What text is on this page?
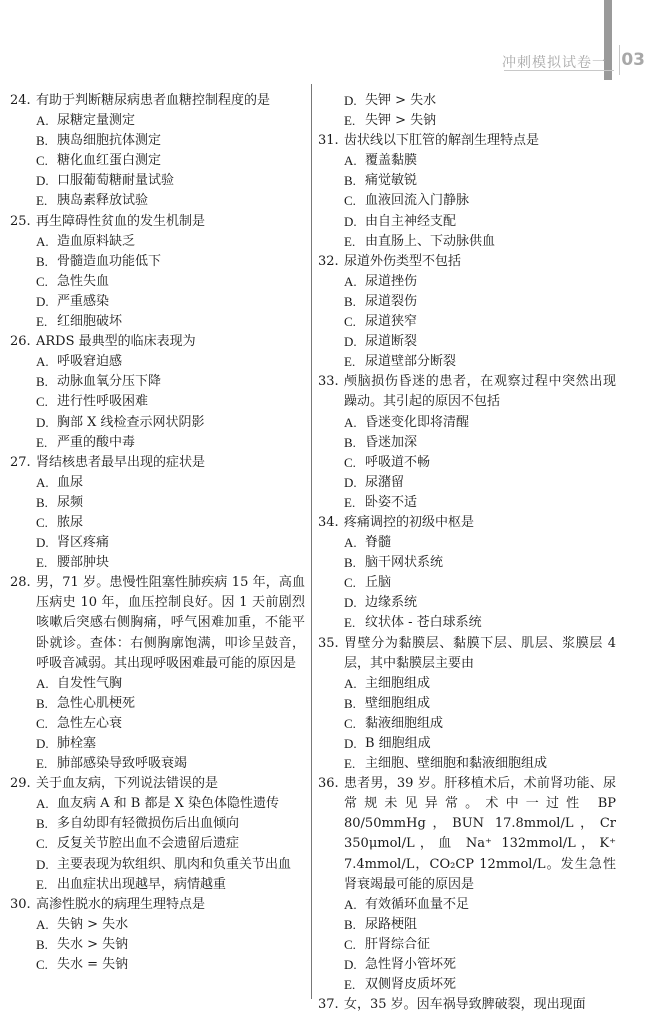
冲刺模拟试卷一 03
24. 有助于判断糖尿病患者血糖控制程度的是
A. 尿糖定量测定
B. 胰岛细胞抗体测定
C. 糖化血红蛋白测定
D. 口服葡萄糖耐量试验
E. 胰岛素释放试验
25. 再生障碍性贫血的发生机制是
A. 造血原料缺乏
B. 骨髓造血功能低下
C. 急性失血
D. 严重感染
E. 红细胞破坏
26. ARDS 最典型的临床表现为
A. 呼吸窘迫感
B. 动脉血氧分压下降
C. 进行性呼吸困难
D. 胸部 X 线检查示网状阴影
E. 严重的酸中毒
27. 肾结核患者最早出现的症状是
A. 血尿
B. 尿频
C. 脓尿
D. 肾区疼痛
E. 腰部肿块
28. 男，71 岁。患慢性阻塞性肺疾病 15 年，高血压病史 10 年，血压控制良好。因 1 天前剧烈咳嗽后突感右侧胸痛，呼气困难加重，不能平卧就诊。查体：右侧胸廓饱满，叩诊呈鼓音，呼吸音减弱。其出现呼吸困难最可能的原因是
A. 自发性气胸
B. 急性心肌梗死
C. 急性左心衰
D. 肺栓塞
E. 肺部感染导致呼吸衰竭
29. 关于血友病，下列说法错误的是
A. 血友病 A 和 B 都是 X 染色体隐性遗传
B. 多自幼即有轻微损伤后出血倾向
C. 反复关节腔出血不会遗留后遗症
D. 主要表现为软组织、肌肉和负重关节出血
E. 出血症状出现越早，病情越重
30. 高渗性脱水的病理生理特点是
A. 失钠 > 失水
B. 失水 > 失钠
C. 失水 = 失钠
D. 失钾 > 失水
E. 失钾 > 失钠
31. 齿状线以下肛管的解剖生理特点是
A. 覆盖黏膜
B. 痛觉敏锐
C. 血液回流入门静脉
D. 由自主神经支配
E. 由直肠上、下动脉供血
32. 尿道外伤类型不包括
A. 尿道挫伤
B. 尿道裂伤
C. 尿道狭窄
D. 尿道断裂
E. 尿道壁部分断裂
33. 颅脑损伤昏迷的患者，在观察过程中突然出现躁动。其引起的原因不包括
A. 昏迷变化即将清醒
B. 昏迷加深
C. 呼吸道不畅
D. 尿潴留
E. 卧姿不适
34. 疼痛调控的初级中枢是
A. 脊髓
B. 脑干网状系统
C. 丘脑
D. 边缘系统
E. 纹状体 - 苍白球系统
35. 胃壁分为黏膜层、黏膜下层、肌层、浆膜层 4 层，其中黏膜层主要由
A. 主细胞组成
B. 壁细胞组成
C. 黏液细胞组成
D. B 细胞组成
E. 主细胞、壁细胞和黏液细胞组成
36. 患者男，39 岁。肝移植术后，术前肾功能、尿常规未见异常。术中一过性 BP 80/50mmHg，BUN 17.8mmol/L，Cr 350μmol/L，血 Na⁺ 132mmol/L，K⁺ 7.4mmol/L，CO₂CP 12mmol/L。发生急性肾衰竭最可能的原因是
A. 有效循环血量不足
B. 尿路梗阻
C. 肝肾综合征
D. 急性肾小管坏死
E. 双侧肾皮质坏死
37. 女，35 岁。因车祸导致脾破裂，现出现面
